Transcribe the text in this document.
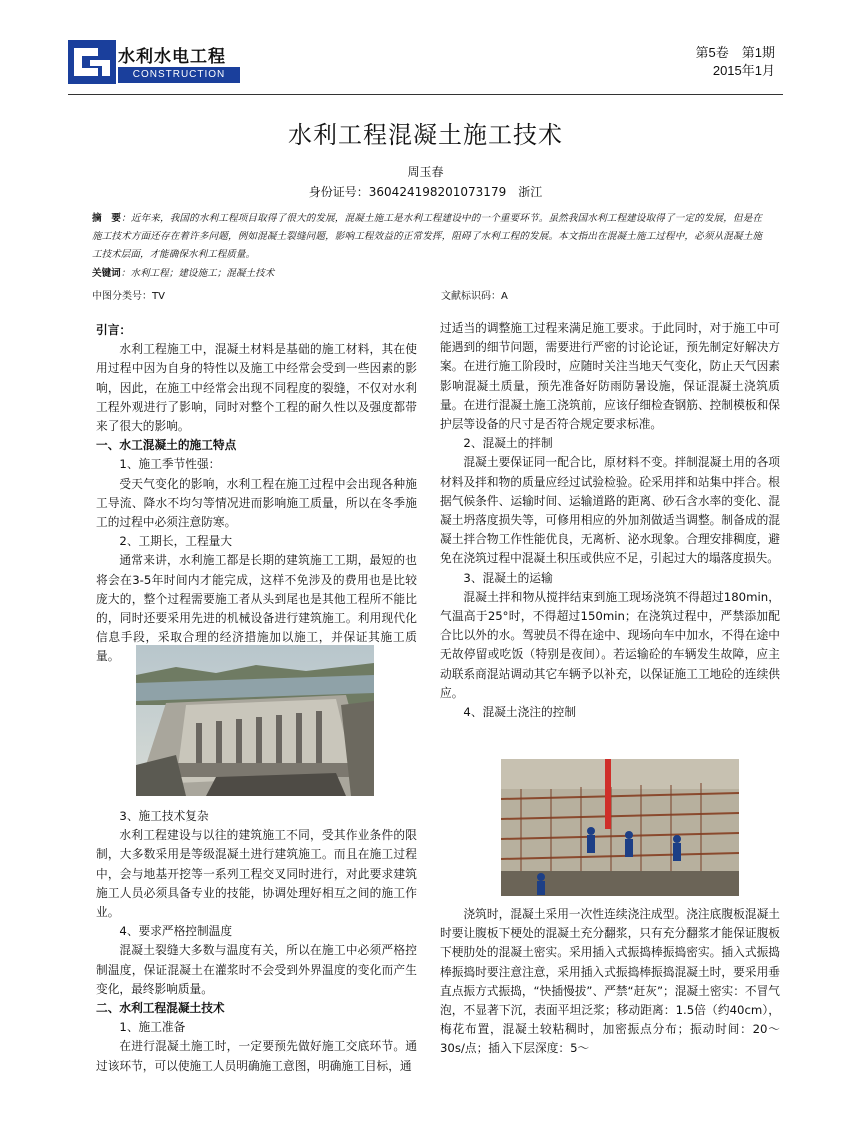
水利水电工程
CONSTRUCTION
第5卷　第1期
2015年1月
水利工程混凝土施工技术
周玉春
身份证号：360424198201073179　浙江
摘　要：近年来，我国的水利工程项目取得了很大的发展，混凝土施工是水利工程建设中的一个重要环节。虽然我国水利工程建设取得了一定的发展，但是在施工技术方面还存在着许多问题，例如混凝土裂缝问题，影响工程效益的正常发挥，阻碍了水利工程的发展。本文指出在混凝土施工过程中，必须从混凝土施工技术层面，才能确保水利工程质量。
关键词：水利工程；建设施工；混凝土技术
中图分类号：TV	文献标识码：A

引言：

水利工程施工中，混凝土材料是基础的施工材料，其在使用过程中因为自身的特性以及施工中经常会受到一些因素的影响，因此，在施工中经常会出现不同程度的裂缝，不仅对水利工程外观进行了影响，同时对整个工程的耐久性以及强度都带来了很大的影响。

一、水工混凝土的施工特点

1、施工季节性强：

受天气变化的影响，水利工程在施工过程中会出现各种施工导流、降水不均匀等情况进而影响施工质量，所以在冬季施工的过程中必须注意防寒。

2、工期长，工程量大

通常来讲，水利施工都是长期的建筑施工工期，最短的也将会在3-5年时间内才能完成，这样不免涉及的费用也是比较庞大的，整个过程需要施工者从头到尾也是其他工程所不能比的，同时还要采用先进的机械设备进行建筑施工。利用现代化信息手段，采取合理的经济措施加以施工，并保证其施工质量。

3、施工技术复杂

水利工程建设与以往的建筑施工不同，受其作业条件的限制，大多数采用是等级混凝土进行建筑施工。而且在施工过程中，会与地基开挖等一系列工程交叉同时进行，对此要求建筑施工人员必须具备专业的技能，协调处理好相互之间的施工作业。

4、要求严格控制温度

混凝土裂缝大多数与温度有关，所以在施工中必须严格控制温度，保证混凝土在灌浆时不会受到外界温度的变化而产生变化，最终影响质量。

二、水利工程混凝土技术

1、施工准备

在进行混凝土施工时，一定要预先做好施工交底环节。通过该环节，可以使施工人员明确施工意图，明确施工目标，通

过适当的调整施工过程来满足施工要求。于此同时，对于施工中可能遇到的细节问题，需要进行严密的讨论论证，预先制定好解决方案。在进行施工阶段时，应随时关注当地天气变化，防止天气因素影响混凝土质量，预先准备好防雨防暑设施，保证混凝土浇筑质量。在进行混凝土施工浇筑前，应该仔细检查钢筋、控制模板和保护层等设备的尺寸是否符合规定要求标准。

2、混凝土的拌制

混凝土要保证同一配合比，原材料不变。拌制混凝土用的各项材料及拌和物的质量应经过试验检验。砼采用拌和站集中拌合。根据气候条件、运输时间、运输道路的距离、砂石含水率的变化、混凝土坍落度损失等，可修用相应的外加剂做适当调整。制备成的混凝土拌合物工作性能优良，无离析、泌水现象。合理安排稠度，避免在浇筑过程中混凝土积压或供应不足，引起过大的塌落度损失。

3、混凝土的运输

混凝土拌和物从搅拌结束到施工现场浇筑不得超过180min，气温高于25°时，不得超过150min；在浇筑过程中，严禁添加配合比以外的水。驾驶员不得在途中、现场向车中加水，不得在途中无故停留或吃饭（特别是夜间）。若运输砼的车辆发生故障，应主动联系商混站调动其它车辆予以补充，以保证施工工地砼的连续供应。

4、混凝土浇注的控制

浇筑时，混凝土采用一次性连续浇注成型。浇注底腹板混凝土时要让腹板下梗处的混凝土充分翻浆，只有充分翻浆才能保证腹板下梗肋处的混凝土密实。采用插入式振捣棒振捣密实。插入式振捣棒振捣时要注意注意，采用插入式振捣棒振捣混凝土时，要采用垂直点振方式振捣，“快插慢拔”、严禁“赶灰”；混凝土密实：不冒气泡，不显著下沉，表面平坦泛浆；移动距离：1.5倍（约40cm），梅花布置，混凝土较粘稠时，加密振点分布；振动时间：20～30s/点；插入下层深度：5～
